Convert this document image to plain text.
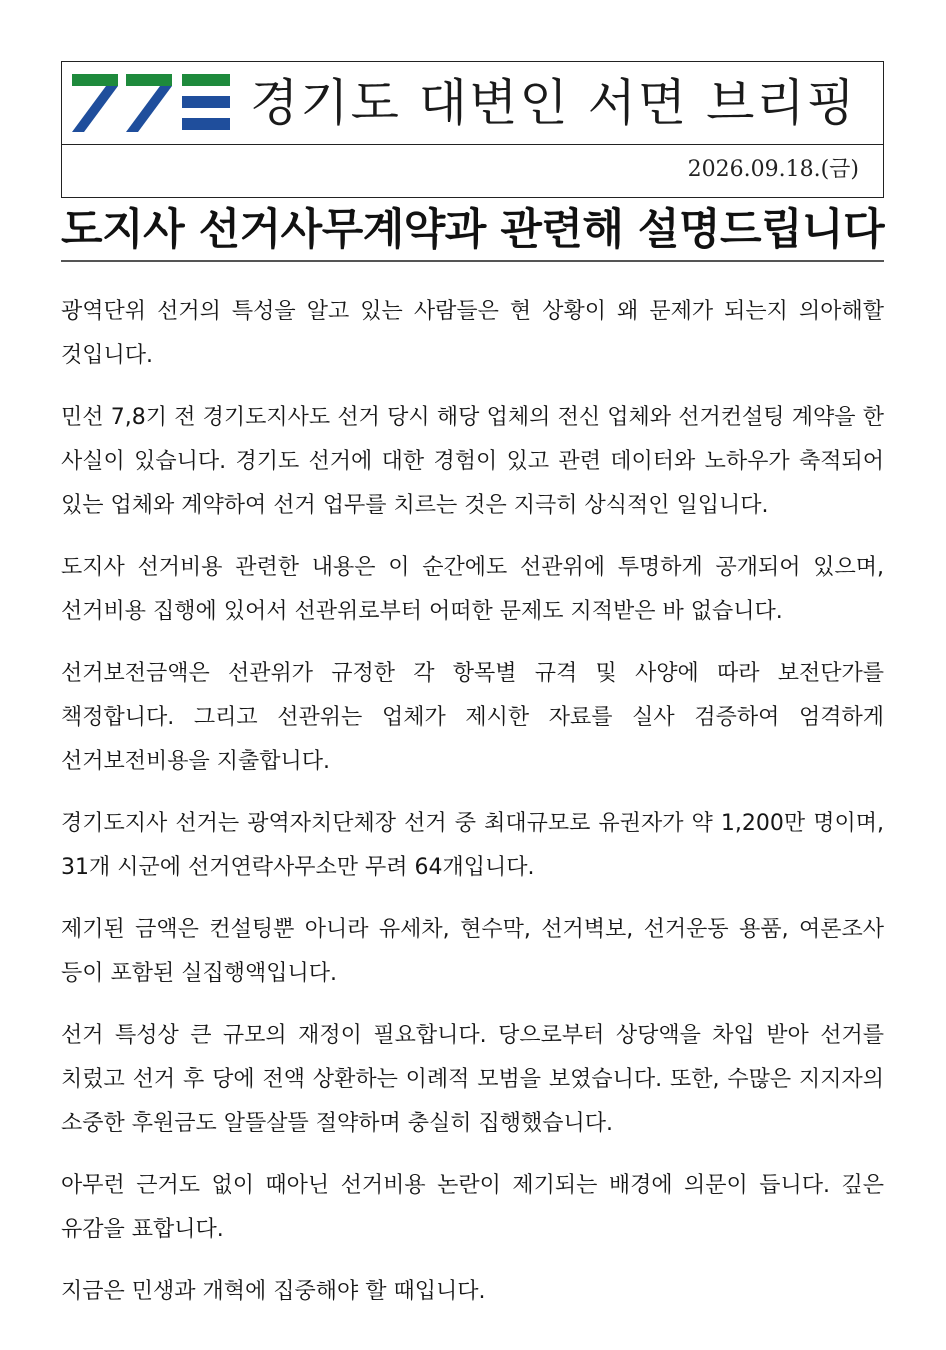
경기도 대변인 서면 브리핑
2026.09.18.(금)
도지사 선거사무계약과 관련해 설명드립니다

광역단위 선거의 특성을 알고 있는 사람들은 현 상황이 왜 문제가 되는지 의아해할 것입니다.

민선 7,8기 전 경기도지사도 선거 당시 해당 업체의 전신 업체와 선거컨설팅 계약을 한 사실이 있습니다. 경기도 선거에 대한 경험이 있고 관련 데이터와 노하우가 축적되어 있는 업체와 계약하여 선거 업무를 치르는 것은 지극히 상식적인 일입니다.

도지사 선거비용 관련한 내용은 이 순간에도 선관위에 투명하게 공개되어 있으며, 선거비용 집행에 있어서 선관위로부터 어떠한 문제도 지적받은 바 없습니다.

선거보전금액은 선관위가 규정한 각 항목별 규격 및 사양에 따라 보전단가를 책정합니다. 그리고 선관위는 업체가 제시한 자료를 실사 검증하여 엄격하게 선거보전비용을 지출합니다.

경기도지사 선거는 광역자치단체장 선거 중 최대규모로 유권자가 약 1,200만 명이며, 31개 시군에 선거연락사무소만 무려 64개입니다.

제기된 금액은 컨설팅뿐 아니라 유세차, 현수막, 선거벽보, 선거운동 용품, 여론조사 등이 포함된 실집행액입니다.

선거 특성상 큰 규모의 재정이 필요합니다. 당으로부터 상당액을 차입 받아 선거를 치렀고 선거 후 당에 전액 상환하는 이례적 모범을 보였습니다. 또한, 수많은 지지자의 소중한 후원금도 알뜰살뜰 절약하며 충실히 집행했습니다.

아무런 근거도 없이 때아닌 선거비용 논란이 제기되는 배경에 의문이 듭니다. 깊은 유감을 표합니다.

지금은 민생과 개혁에 집중해야 할 때입니다.
